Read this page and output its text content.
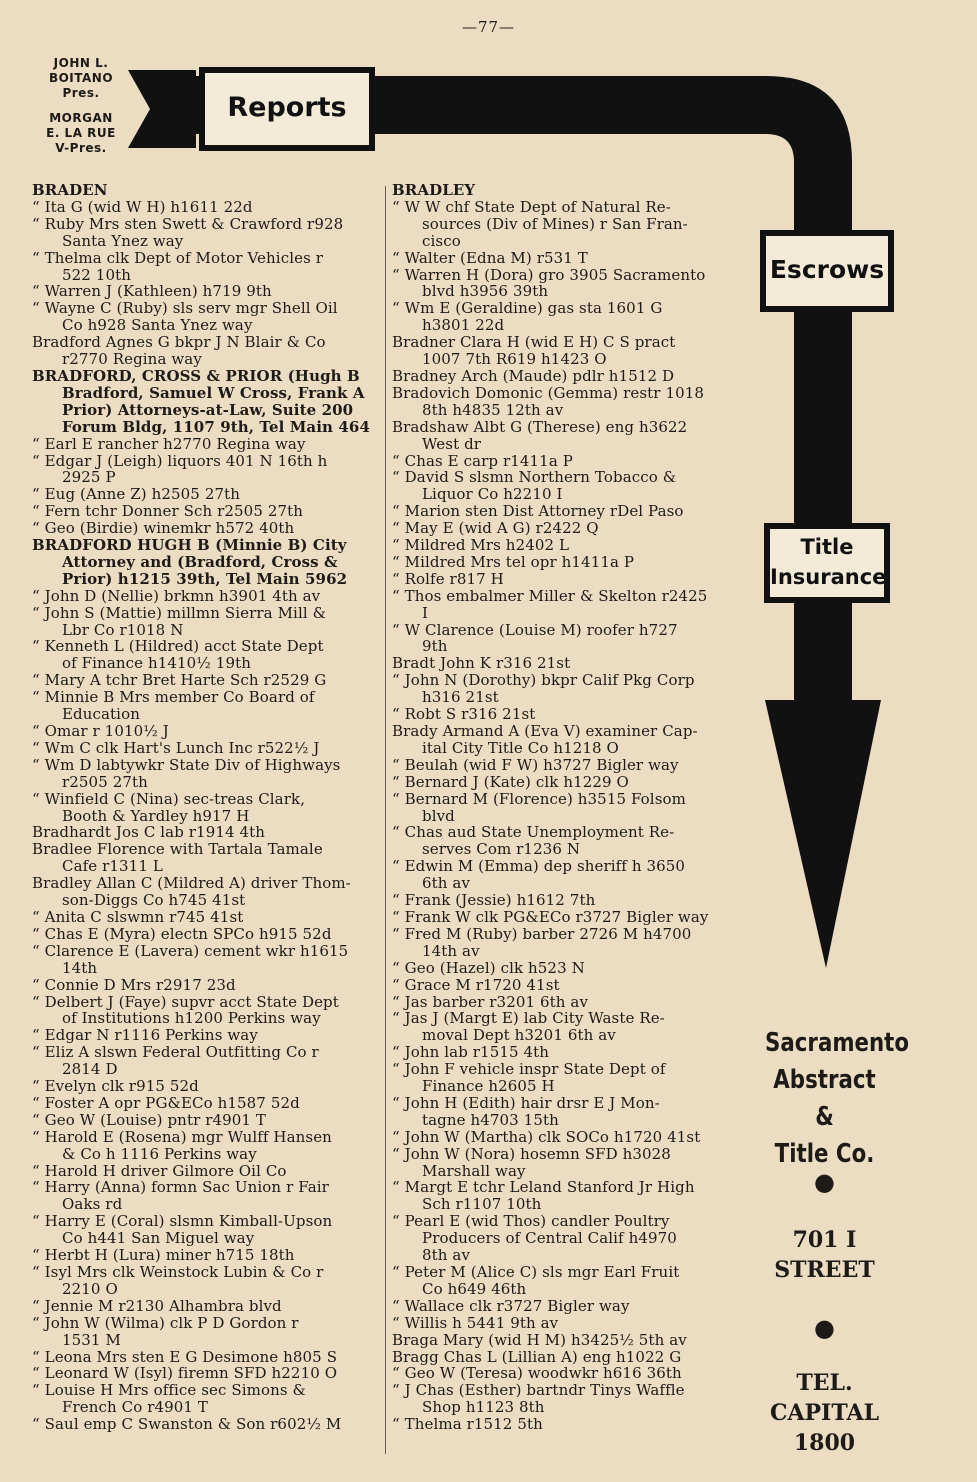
—77—
JOHN L.
BOITANO
Pres.
MORGAN
E. LA RUE
V-Pres.
Reports
Escrows
Title
Insurance
BRADEN
“ Ita G (wid W H) h1611 22d
“ Ruby Mrs sten Swett & Crawford r928
Santa Ynez way
“ Thelma clk Dept of Motor Vehicles r
522 10th
“ Warren J (Kathleen) h719 9th
“ Wayne C (Ruby) sls serv mgr Shell Oil
Co h928 Santa Ynez way
Bradford Agnes G bkpr J N Blair & Co
r2770 Regina way
BRADFORD, CROSS & PRIOR (Hugh B
Bradford, Samuel W Cross, Frank A
Prior) Attorneys-at-Law, Suite 200
Forum Bldg, 1107 9th, Tel Main 464
“ Earl E rancher h2770 Regina way
“ Edgar J (Leigh) liquors 401 N 16th h
2925 P
“ Eug (Anne Z) h2505 27th
“ Fern tchr Donner Sch r2505 27th
“ Geo (Birdie) winemkr h572 40th
BRADFORD HUGH B (Minnie B) City
Attorney and (Bradford, Cross &
Prior) h1215 39th, Tel Main 5962
“ John D (Nellie) brkmn h3901 4th av
“ John S (Mattie) millmn Sierra Mill &
Lbr Co r1018 N
“ Kenneth L (Hildred) acct State Dept
of Finance h1410½ 19th
“ Mary A tchr Bret Harte Sch r2529 G
“ Minnie B Mrs member Co Board of
Education
“ Omar r 1010½ J
“ Wm C clk Hart's Lunch Inc r522½ J
“ Wm D labtywkr State Div of Highways
r2505 27th
“ Winfield C (Nina) sec-treas Clark,
Booth & Yardley h917 H
Bradhardt Jos C lab r1914 4th
Bradlee Florence with Tartala Tamale
Cafe r1311 L
Bradley Allan C (Mildred A) driver Thom-
son-Diggs Co h745 41st
“ Anita C slswmn r745 41st
“ Chas E (Myra) electn SPCo h915 52d
“ Clarence E (Lavera) cement wkr h1615
14th
“ Connie D Mrs r2917 23d
“ Delbert J (Faye) supvr acct State Dept
of Institutions h1200 Perkins way
“ Edgar N r1116 Perkins way
“ Eliz A slswn Federal Outfitting Co r
2814 D
“ Evelyn clk r915 52d
“ Foster A opr PG&ECo h1587 52d
“ Geo W (Louise) pntr r4901 T
“ Harold E (Rosena) mgr Wulff Hansen
& Co h 1116 Perkins way
“ Harold H driver Gilmore Oil Co
“ Harry (Anna) formn Sac Union r Fair
Oaks rd
“ Harry E (Coral) slsmn Kimball-Upson
Co h441 San Miguel way
“ Herbt H (Lura) miner h715 18th
“ Isyl Mrs clk Weinstock Lubin & Co r
2210 O
“ Jennie M r2130 Alhambra blvd
“ John W (Wilma) clk P D Gordon r
1531 M
“ Leona Mrs sten E G Desimone h805 S
“ Leonard W (Isyl) firemn SFD h2210 O
“ Louise H Mrs office sec Simons &
French Co r4901 T
“ Saul emp C Swanston & Son r602½ M
BRADLEY
“ W W chf State Dept of Natural Re-
sources (Div of Mines) r San Fran-
cisco
“ Walter (Edna M) r531 T
“ Warren H (Dora) gro 3905 Sacramento
blvd h3956 39th
“ Wm E (Geraldine) gas sta 1601 G
h3801 22d
Bradner Clara H (wid E H) C S pract
1007 7th R619 h1423 O
Bradney Arch (Maude) pdlr h1512 D
Bradovich Domonic (Gemma) restr 1018
8th h4835 12th av
Bradshaw Albt G (Therese) eng h3622
West dr
“ Chas E carp r1411a P
“ David S slsmn Northern Tobacco &
Liquor Co h2210 I
“ Marion sten Dist Attorney rDel Paso
“ May E (wid A G) r2422 Q
“ Mildred Mrs h2402 L
“ Mildred Mrs tel opr h1411a P
“ Rolfe r817 H
“ Thos embalmer Miller & Skelton r2425
I
“ W Clarence (Louise M) roofer h727
9th
Bradt John K r316 21st
“ John N (Dorothy) bkpr Calif Pkg Corp
h316 21st
“ Robt S r316 21st
Brady Armand A (Eva V) examiner Cap-
ital City Title Co h1218 O
“ Beulah (wid F W) h3727 Bigler way
“ Bernard J (Kate) clk h1229 O
“ Bernard M (Florence) h3515 Folsom
blvd
“ Chas aud State Unemployment Re-
serves Com r1236 N
“ Edwin M (Emma) dep sheriff h 3650
6th av
“ Frank (Jessie) h1612 7th
“ Frank W clk PG&ECo r3727 Bigler way
“ Fred M (Ruby) barber 2726 M h4700
14th av
“ Geo (Hazel) clk h523 N
“ Grace M r1720 41st
“ Jas barber r3201 6th av
“ Jas J (Margt E) lab City Waste Re-
moval Dept h3201 6th av
“ John lab r1515 4th
“ John F vehicle inspr State Dept of
Finance h2605 H
“ John H (Edith) hair drsr E J Mon-
tagne h4703 15th
“ John W (Martha) clk SOCo h1720 41st
“ John W (Nora) hosemn SFD h3028
Marshall way
“ Margt E tchr Leland Stanford Jr High
Sch r1107 10th
“ Pearl E (wid Thos) candler Poultry
Producers of Central Calif h4970
8th av
“ Peter M (Alice C) sls mgr Earl Fruit
Co h649 46th
“ Wallace clk r3727 Bigler way
“ Willis h 5441 9th av
Braga Mary (wid H M) h3425½ 5th av
Bragg Chas L (Lillian A) eng h1022 G
“ Geo W (Teresa) woodwkr h616 36th
“ J Chas (Esther) bartndr Tinys Waffle
Shop h1123 8th
“ Thelma r1512 5th
Sacramento
Abstract &
Title Co.
●
701 I
STREET
●
TEL.
CAPITAL
1800
